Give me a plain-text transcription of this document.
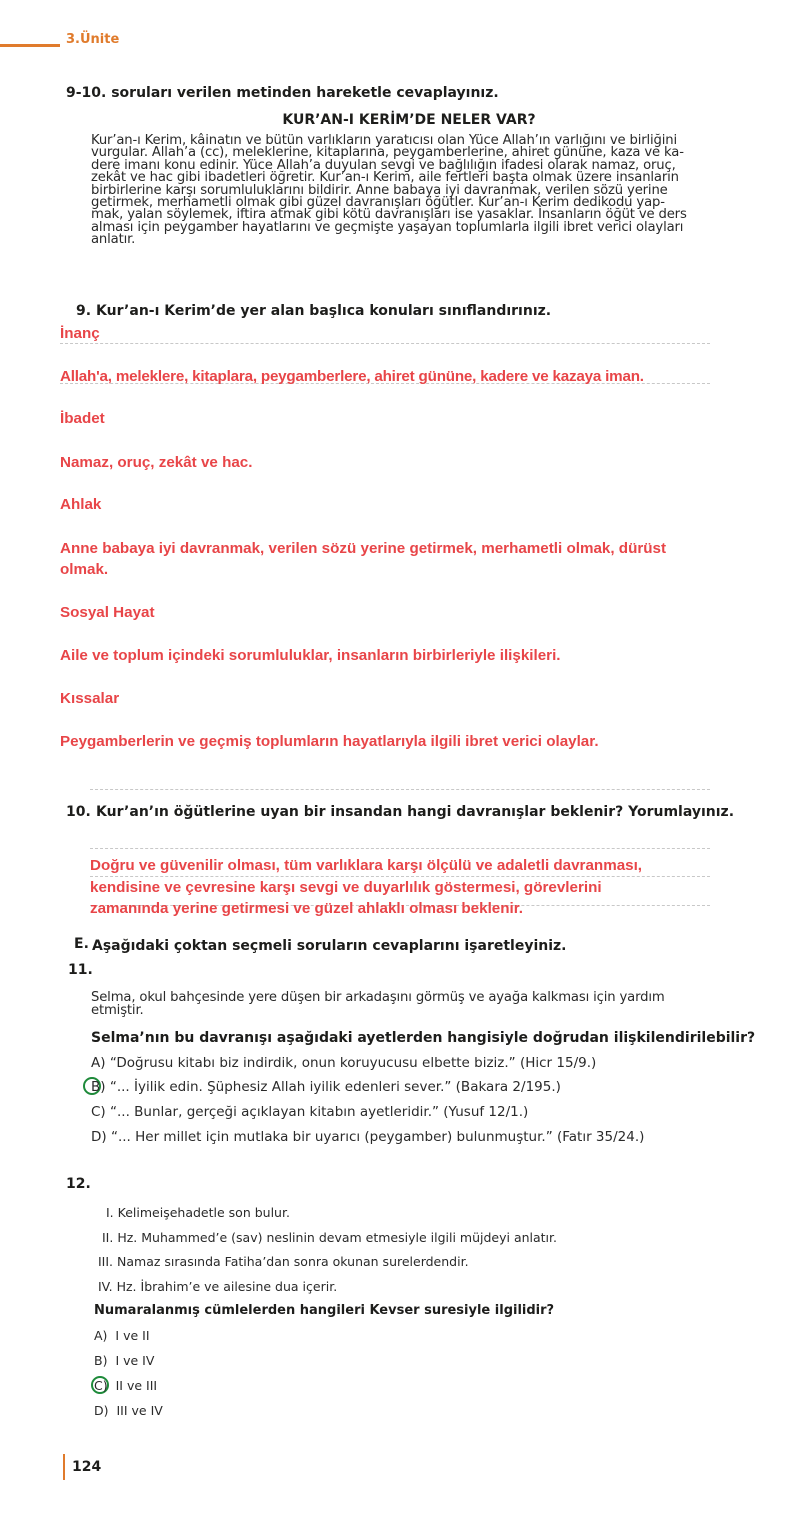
3.Ünite
9-10. soruları verilen metinden hareketle cevaplayınız.
KUR’AN-I KERİM’DE NELER VAR?
Kur’an-ı Kerim, kâinatın ve bütün varlıkların yaratıcısı olan Yüce Allah’ın varlığını ve birliğini
vurgular. Allah’a (cc), meleklerine, kitaplarına, peygamberlerine, ahiret gününe, kaza ve ka-
dere imanı konu edinir. Yüce Allah’a duyulan sevgi ve bağlılığın ifadesi olarak namaz, oruç,
zekât ve hac gibi ibadetleri öğretir. Kur’an-ı Kerim, aile fertleri başta olmak üzere insanların
birbirlerine karşı sorumluluklarını bildirir. Anne babaya iyi davranmak, verilen sözü yerine
getirmek, merhametli olmak gibi güzel davranışları öğütler. Kur’an-ı Kerim dedikodu yap-
mak, yalan söylemek, iftira atmak gibi kötü davranışları ise yasaklar. İnsanların öğüt ve ders
alması için peygamber hayatlarını ve geçmişte yaşayan toplumlarla ilgili ibret verici olayları
anlatır.
9. Kur’an-ı Kerim’de yer alan başlıca konuları sınıflandırınız.
İnanç
Allah'a, meleklere, kitaplara, peygamberlere, ahiret gününe, kadere ve kazaya iman.
İbadet
Namaz, oruç, zekât ve hac.
Ahlak
Anne babaya iyi davranmak, verilen sözü yerine getirmek, merhametli olmak, dürüst
olmak.
Sosyal Hayat
Aile ve toplum içindeki sorumluluklar, insanların birbirleriyle ilişkileri.
Kıssalar
Peygamberlerin ve geçmiş toplumların hayatlarıyla ilgili ibret verici olaylar.
10. Kur’an’ın öğütlerine uyan bir insandan hangi davranışlar beklenir? Yorumlayınız.
Doğru ve güvenilir olması, tüm varlıklara karşı ölçülü ve adaletli davranması,
kendisine ve çevresine karşı sevgi ve duyarlılık göstermesi, görevlerini
zamanında yerine getirmesi ve güzel ahlaklı olması beklenir.
E. Aşağıdaki çoktan seçmeli soruların cevaplarını işaretleyiniz.
11.
Selma, okul bahçesinde yere düşen bir arkadaşını görmüş ve ayağa kalkması için yardım
etmiştir.
Selma’nın bu davranışı aşağıdaki ayetlerden hangisiyle doğrudan ilişkilendirilebilir?
A) “Doğrusu kitabı biz indirdik, onun koruyucusu elbette biziz.” (Hicr 15/9.)
B) “... İyilik edin. Şüphesiz Allah iyilik edenleri sever.” (Bakara 2/195.)
C) “... Bunlar, gerçeği açıklayan kitabın ayetleridir.” (Yusuf 12/1.)
D) “... Her millet için mutlaka bir uyarıcı (peygamber) bulunmuştur.” (Fatır 35/24.)
12.
I. Kelimeişehadetle son bulur.
II. Hz. Muhammed’e (sav) neslinin devam etmesiyle ilgili müjdeyi anlatır.
III. Namaz sırasında Fatiha’dan sonra okunan surelerdendir.
IV. Hz. İbrahim’e ve ailesine dua içerir.
Numaralanmış cümlelerden hangileri Kevser suresiyle ilgilidir?
A) I ve II
B) I ve IV
C) II ve III
D) III ve IV
124
